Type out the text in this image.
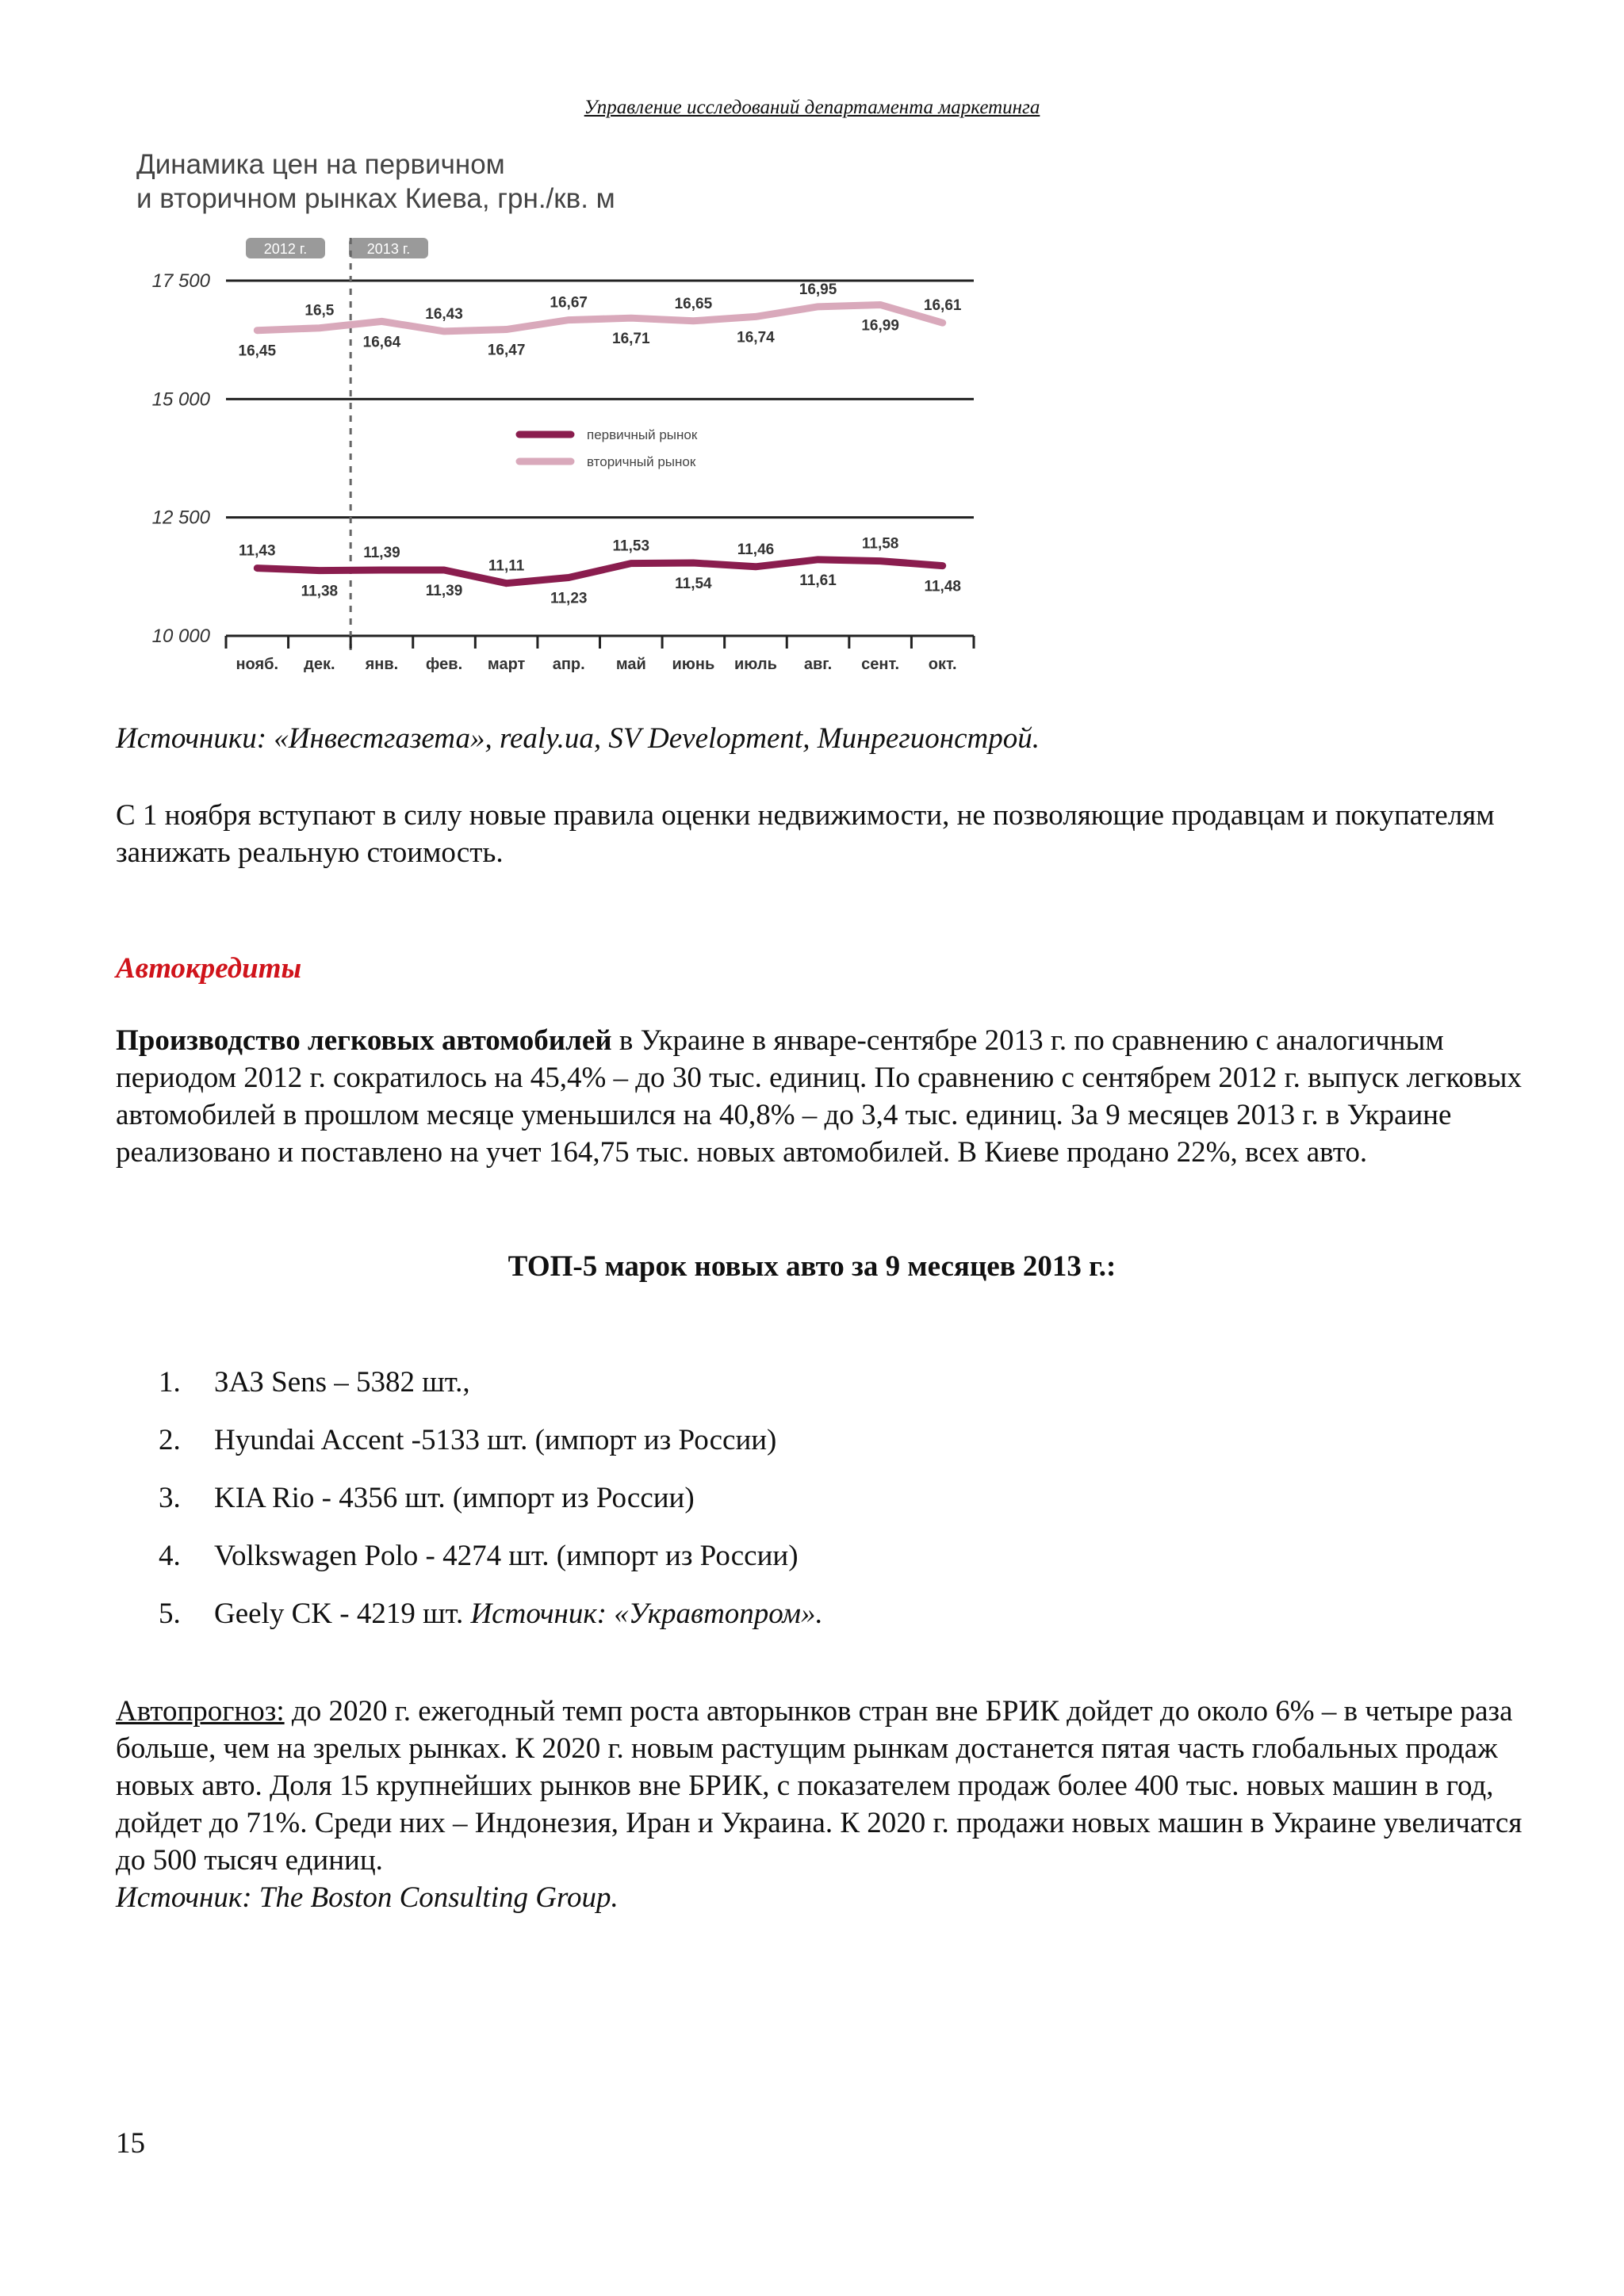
Управление исследований департамента маркетинга
Динамика цен на первичном
и вторичном рынках Киева, грн./кв. м
2012 г.	2013 г.
17 500
15 000
12 500
10 000
нояб. дек. янв. фев. март апр. май июнь июль авг. сент. окт.
11,43
11,38
11,39
11,39
11,11
11,23
11,53
11,54
11,46
11,61
11,58
11,48
16,45
16,5
16,64
16,43
16,47
16,67
16,71
16,65
16,74
16,95
16,99
16,61
первичный рынок
вторичный рынок
Источники: «Инвестгазета», realy.ua, SV Development, Минрегионстрой.
С 1 ноября вступают в силу новые правила оценки недвижимости, не позволяющие продавцам и покупателям занижать реальную стоимость.
Автокредиты
Производство легковых автомобилей в Украине в январе-сентябре 2013 г. по сравнению с аналогичным периодом 2012 г. сократилось на 45,4% – до 30 тыс. единиц. По сравнению с сентябрем 2012 г. выпуск легковых автомобилей в прошлом месяце уменьшился на 40,8% – до 3,4 тыс. единиц. За 9 месяцев 2013 г. в Украине реализовано и поставлено на учет 164,75 тыс. новых автомобилей. В Киеве продано 22%, всех авто.
ТОП-5 марок новых авто за 9 месяцев 2013 г.:
1.	ЗАЗ Sens – 5382 шт.,
2.	Hyundai Accent -5133 шт. (импорт из России)
3.	KIA Rio - 4356 шт. (импорт из России)
4.	Volkswagen Polo - 4274 шт. (импорт из России)
5.	Geely CK - 4219 шт. Источник: «Укравтопром».
Автопрогноз: до 2020 г. ежегодный темп роста авторынков стран вне БРИК дойдет до около 6% – в четыре раза больше, чем на зрелых рынках. К 2020 г. новым растущим рынкам достанется пятая часть глобальных продаж новых авто. Доля 15 крупнейших рынков вне БРИК, с показателем продаж более 400 тыс. новых машин в год, дойдет до 71%. Среди них – Индонезия, Иран и Украина. К 2020 г. продажи новых машин в Украине увеличатся до 500 тысяч единиц.
Источник: The Boston Consulting Group.
15
